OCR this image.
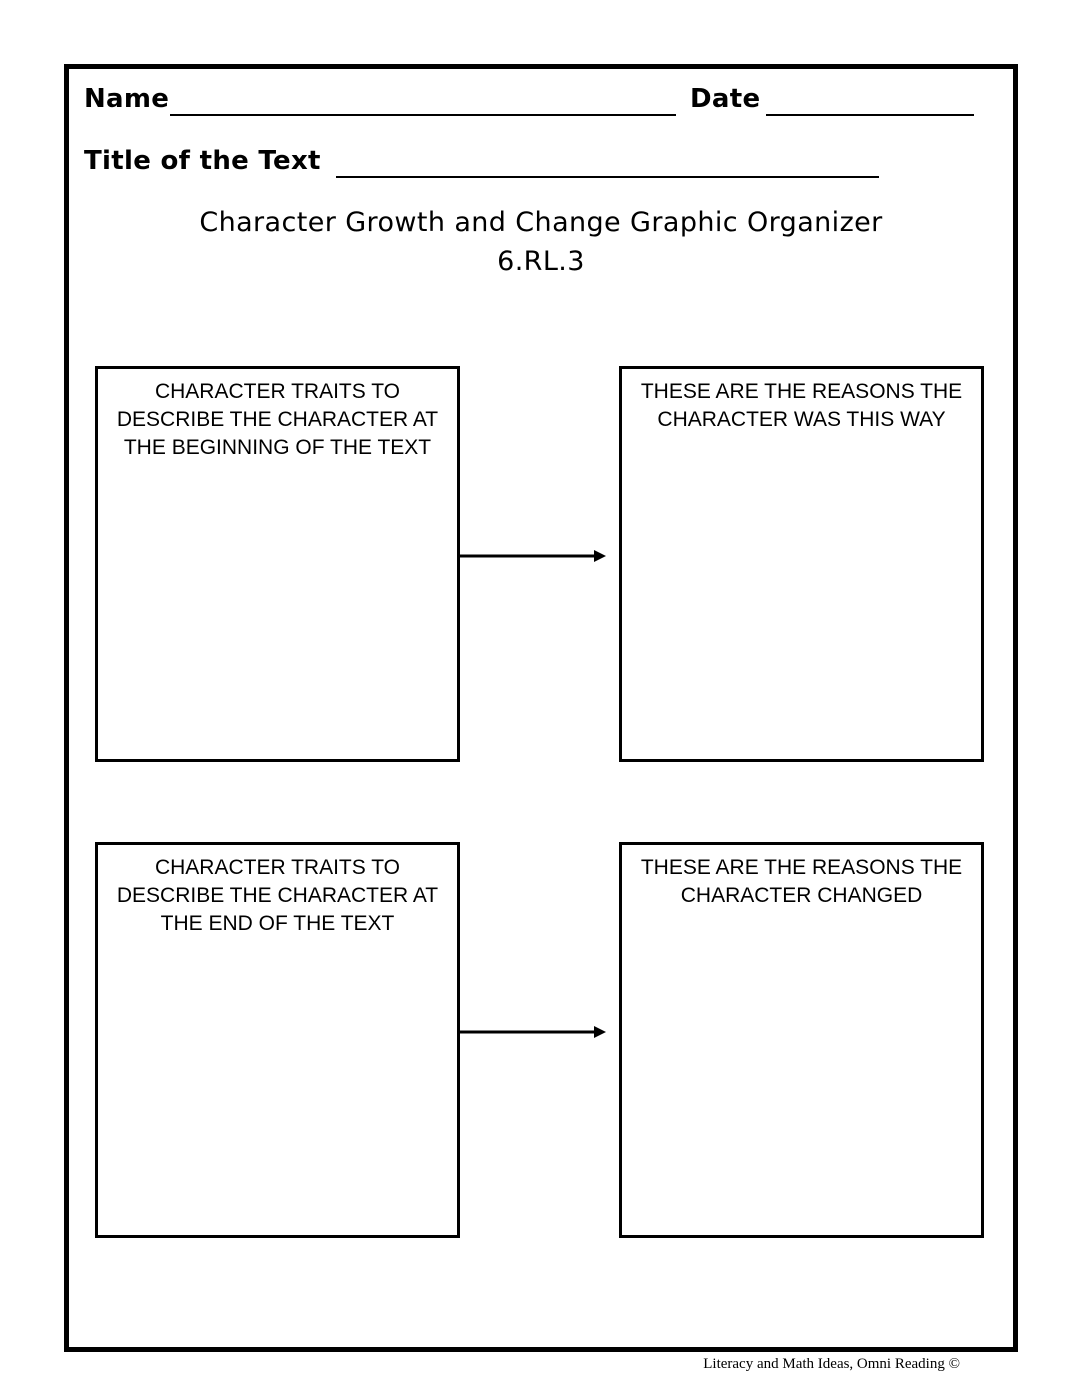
Name	Date
Title of the Text
Character Growth and Change Graphic Organizer
6.RL.3
CHARACTER TRAITS TO
DESCRIBE THE CHARACTER AT
THE BEGINNING OF THE TEXT
THESE ARE THE REASONS THE
CHARACTER WAS THIS WAY
CHARACTER TRAITS TO
DESCRIBE THE CHARACTER AT
THE END OF THE TEXT
THESE ARE THE REASONS THE
CHARACTER CHANGED
Literacy and Math Ideas, Omni Reading ©
